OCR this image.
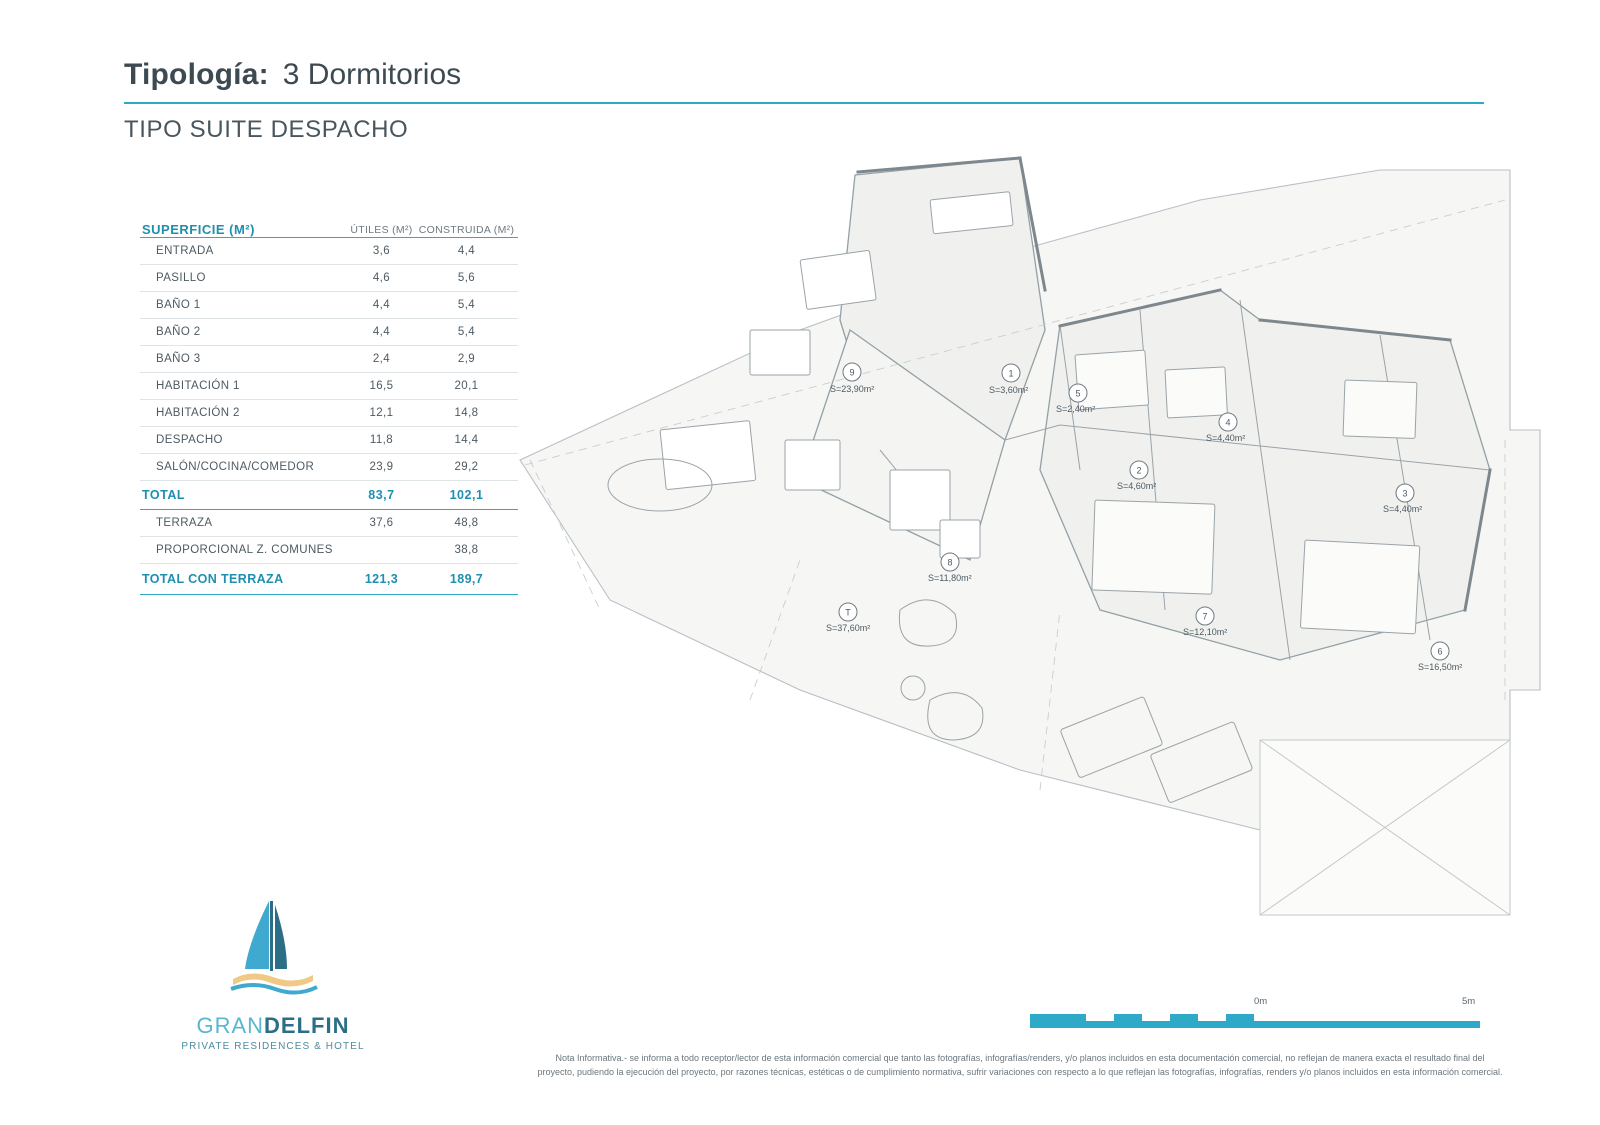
Tipología: 3 Dormitorios
TIPO SUITE DESPACHO
SUPERFICIE (M²)	ÚTILES (M²)	CONSTRUIDA (M²)
ENTRADA	3,6	4,4
PASILLO	4,6	5,6
BAÑO 1	4,4	5,4
BAÑO 2	4,4	5,4
BAÑO 3	2,4	2,9
HABITACIÓN 1	16,5	20,1
HABITACIÓN 2	12,1	14,8
DESPACHO	11,8	14,4
SALÓN/COCINA/COMEDOR	23,9	29,2
TOTAL	83,7	102,1
TERRAZA	37,6	48,8
PROPORCIONAL Z. COMUNES		38,8
TOTAL CON TERRAZA	121,3	189,7
9
S=23,90m²
1
S=3,60m²	5
S=2,40m²
4
S=4,40m²
2
S=4,60m²
3
S=4,40m²
8
S=11,80m²
7
S=12,10m²
6
S=16,50m²
T
S=37,60m²
GRANDELFIN
PRIVATE RESIDENCES & HOTEL
0m	5m
Nota Informativa.- se informa a todo receptor/lector de esta información comercial que tanto las fotografías, infografías/renders, y/o planos incluidos en esta documentación comercial, no reflejan de manera exacta el resultado final del
proyecto, pudiendo la ejecución del proyecto, por razones técnicas, estéticas o de cumplimiento normativa, sufrir variaciones con respecto a lo que reflejan las fotografías, infografías, renders y/o planos incluidos en esta información comercial.
